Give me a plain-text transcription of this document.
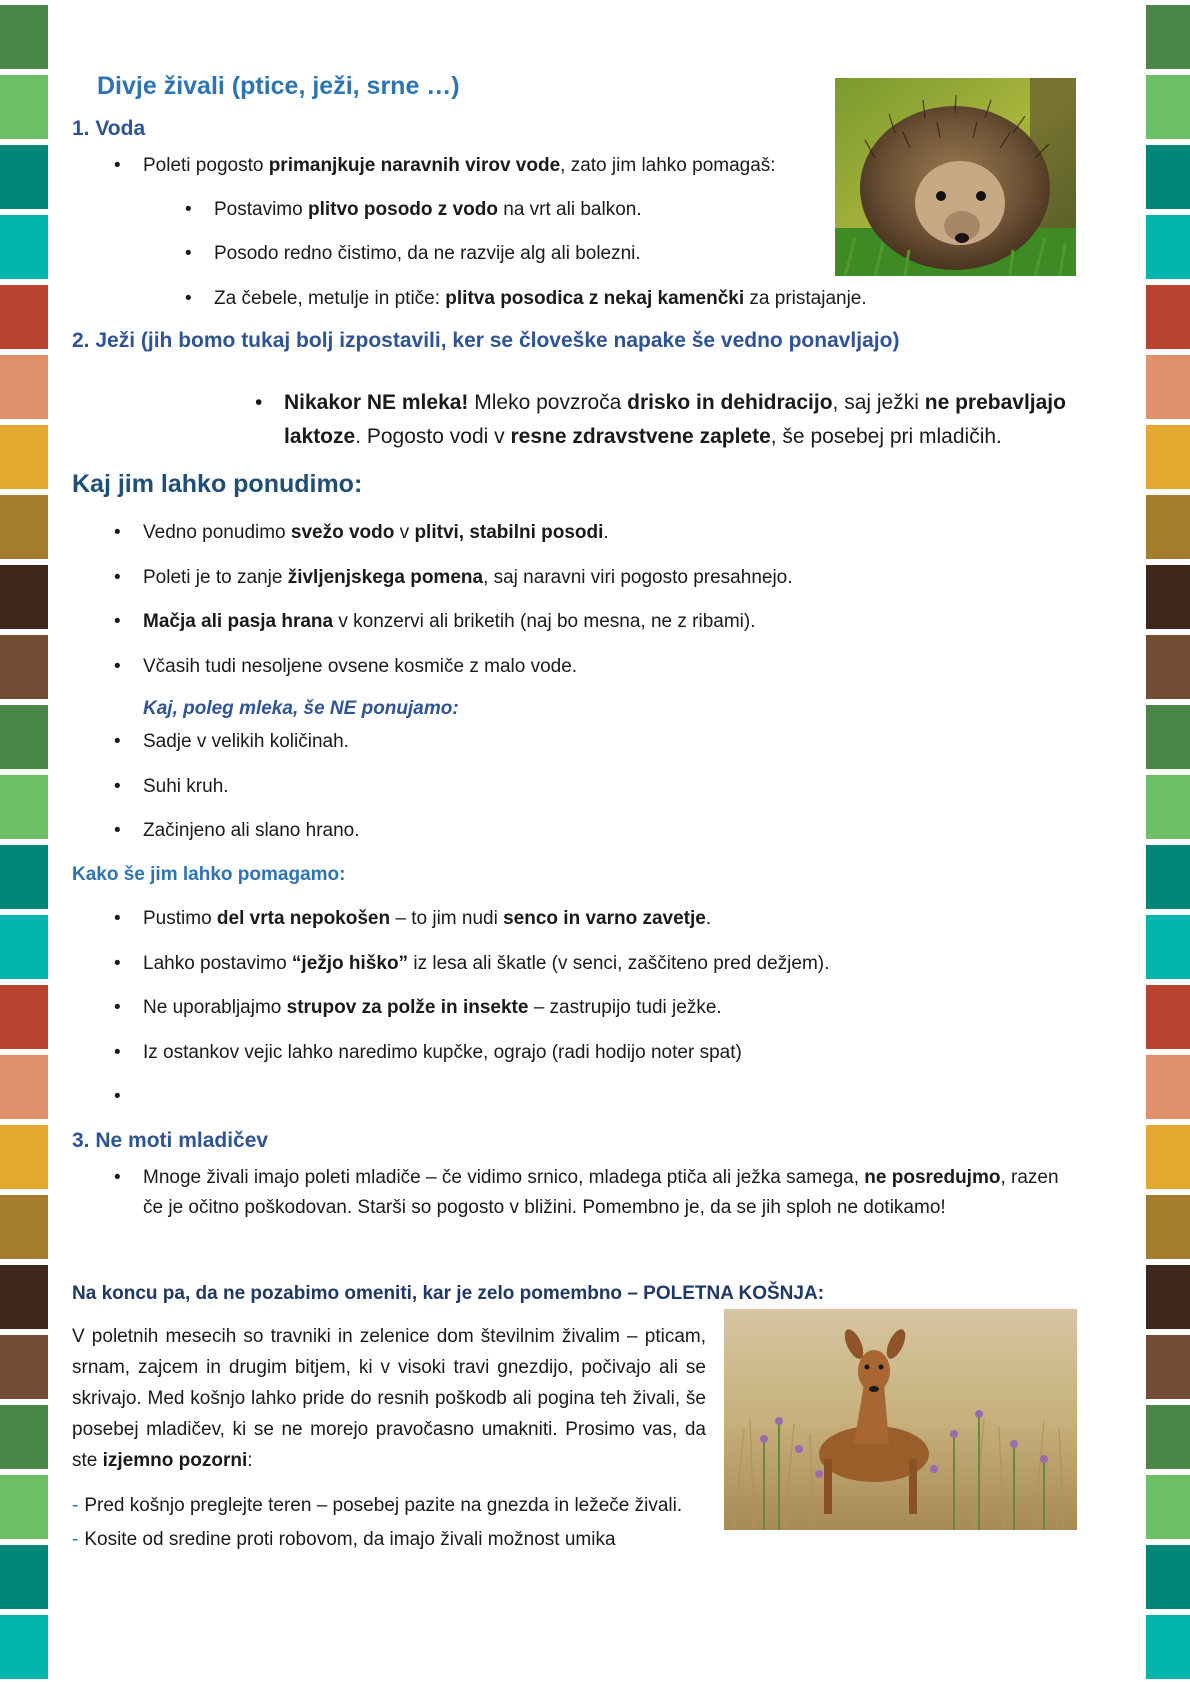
Divje živali (ptice, ježi, srne …)
1. Voda

• Poleti pogosto primanjkuje naravnih virov vode, zato jim lahko pomagaš:

• Postavimo plitvo posodo z vodo na vrt ali balkon.

• Posodo redno čistimo, da ne razvije alg ali bolezni.

• Za čebele, metulje in ptiče: plitva posodica z nekaj kamenčki za pristajanje.

2. Ježi (jih bomo tukaj bolj izpostavili, ker se človeške napake še vedno ponavljajo)

• Nikakor NE mleka! Mleko povzroča drisko in dehidracijo, saj ježki ne prebavljajo
laktoze. Pogosto vodi v resne zdravstvene zaplete, še posebej pri mladičih.

Kaj jim lahko ponudimo:

• Vedno ponudimo svežo vodo v plitvi, stabilni posodi.

• Poleti je to zanje življenjskega pomena, saj naravni viri pogosto presahnejo.

• Mačja ali pasja hrana v konzervi ali briketih (naj bo mesna, ne z ribami).

• Včasih tudi nesoljene ovsene kosmiče z malo vode.

Kaj, poleg mleka, še NE ponujamo:

• Sadje v velikih količinah.

• Suhi kruh.

• Začinjeno ali slano hrano.

Kako še jim lahko pomagamo:

• Pustimo del vrta nepokošen – to jim nudi senco in varno zavetje.

• Lahko postavimo “ježjo hiško” iz lesa ali škatle (v senci, zaščiteno pred dežjem).

• Ne uporabljajmo strupov za polže in insekte – zastrupijo tudi ježke.

• Iz ostankov vejic lahko naredimo kupčke, ograjo (radi hodijo noter spat)

3. Ne moti mladičev

• Mnoge živali imajo poleti mladiče – če vidimo srnico, mladega ptiča ali ježka samega, ne posredujmo, razen
če je očitno poškodovan. Starši so pogosto v bližini. Pomembno je, da se jih sploh ne dotikamo!

Na koncu pa, da ne pozabimo omeniti, kar je zelo pomembno – POLETNA KOŠNJA:

V poletnih mesecih so travniki in zelenice dom številnim živalim – pticam, srnam, zajcem in drugim bitjem, ki v visoki travi gnezdijo, počivajo ali se skrivajo. Med košnjo lahko pride do resnih poškodb ali pogina teh živali, še posebej mladičev, ki se ne morejo pravočasno umakniti. Prosimo vas, da ste izjemno pozorni:

- Pred košnjo preglejte teren – posebej pazite na gnezda in ležeče živali.
- Kosite od sredine proti robovom, da imajo živali možnost umika
